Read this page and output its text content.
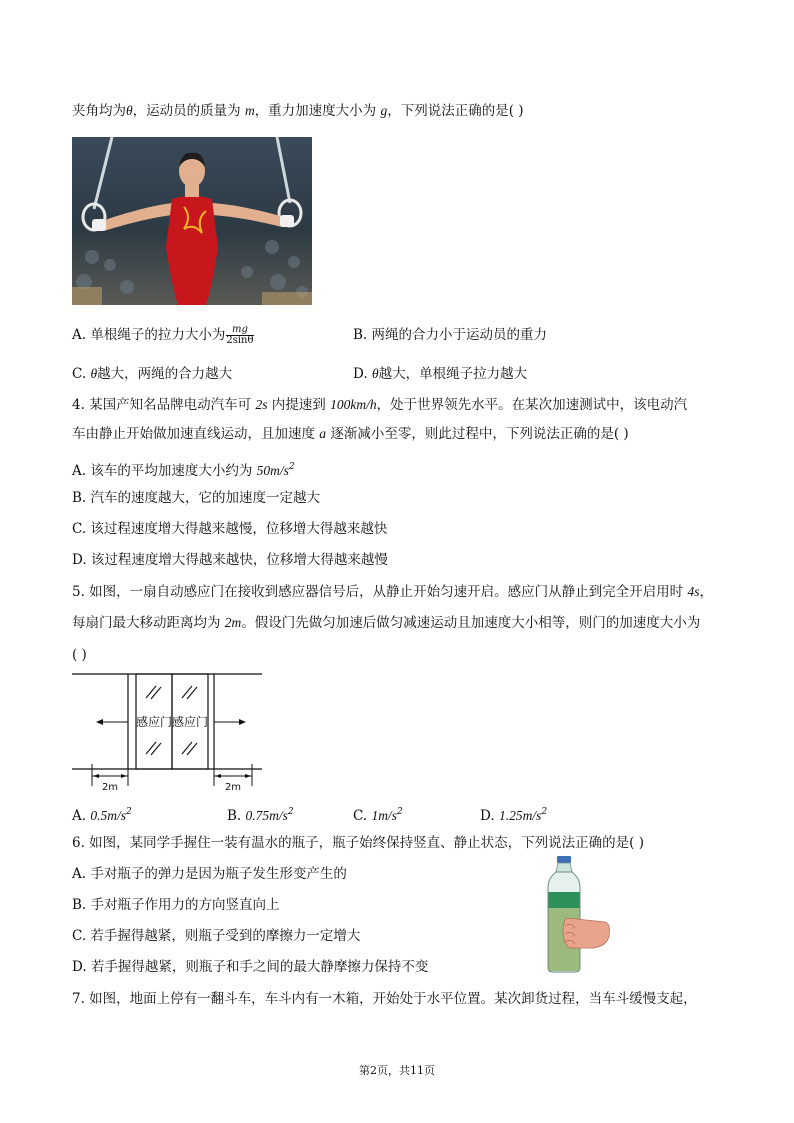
夹角均为θ，运动员的质量为 m，重力加速度大小为 g，下列说法正确的是( )
A. 单根绳子的拉力大小为 $\frac{mg}{2\sin\theta}$	B. 两绳的合力小于运动员的重力
C. θ越大，两绳的合力越大	D. θ越大，单根绳子拉力越大
4. 某国产知名品牌电动汽车可 2s 内提速到 100km/h，处于世界领先水平。在某次加速测试中，该电动汽
车由静止开始做加速直线运动，且加速度 a 逐渐减小至零，则此过程中，下列说法正确的是( )
A. 该车的平均加速度大小约为 $50m/s^2$
B. 汽车的速度越大，它的加速度一定越大
C. 该过程速度增大得越来越慢，位移增大得越来越快
D. 该过程速度增大得越来越快，位移增大得越来越慢
5. 如图，一扇自动感应门在接收到感应器信号后，从静止开始匀速开启。感应门从静止到完全开启用时 4s，
每扇门最大移动距离均为 2m。假设门先做匀加速后做匀减速运动且加速度大小相等，则门的加速度大小为
( )
感应门 感应门
2m	2m
A. $0.5m/s^2$	B. $0.75m/s^2$	C. $1m/s^2$	D. $1.25m/s^2$
6. 如图，某同学手握住一装有温水的瓶子，瓶子始终保持竖直、静止状态，下列说法正确的是( )
A. 手对瓶子的弹力是因为瓶子发生形变产生的
B. 手对瓶子作用力的方向竖直向上
C. 若手握得越紧，则瓶子受到的摩擦力一定增大
D. 若手握得越紧，则瓶子和手之间的最大静摩擦力保持不变
7. 如图，地面上停有一翻斗车，车斗内有一木箱，开始处于水平位置。某次卸货过程，当车斗缓慢支起，
第2页，共11页
